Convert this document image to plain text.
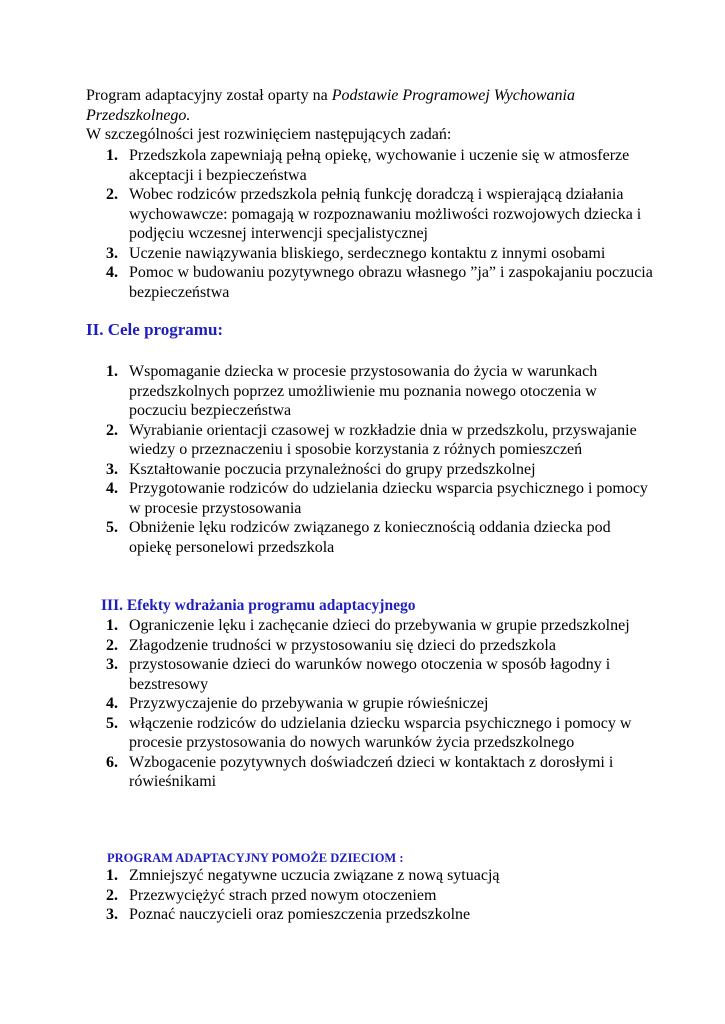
Program adaptacyjny został oparty na Podstawie Programowej Wychowania Przedszkolnego.

W szczególności jest rozwinięciem następujących zadań:

1. Przedszkola zapewniają pełną opiekę, wychowanie i uczenie się w atmosferze akceptacji i bezpieczeństwa
2. Wobec rodziców przedszkola pełnią funkcję doradczą i wspierającą działania wychowawcze: pomagają w rozpoznawaniu możliwości rozwojowych dziecka i podjęciu wczesnej interwencji specjalistycznej
3. Uczenie nawiązywania bliskiego, serdecznego kontaktu z innymi osobami
4. Pomoc w budowaniu pozytywnego obrazu własnego ”ja” i zaspokajaniu poczucia bezpieczeństwa
II. Cele programu:
1. Wspomaganie dziecka w procesie przystosowania do życia w warunkach przedszkolnych poprzez umożliwienie mu poznania nowego otoczenia w poczuciu bezpieczeństwa
2. Wyrabianie orientacji czasowej w rozkładzie dnia w przedszkolu, przyswajanie wiedzy o przeznaczeniu i sposobie korzystania z różnych pomieszczeń
3. Kształtowanie poczucia przynależności do grupy przedszkolnej
4. Przygotowanie rodziców do udzielania dziecku wsparcia psychicznego i pomocy w procesie przystosowania
5. Obniżenie lęku rodziców związanego z koniecznością oddania dziecka pod opiekę personelowi przedszkola
III. Efekty wdrażania programu adaptacyjnego
1. Ograniczenie lęku i zachęcanie dzieci do przebywania w grupie przedszkolnej
2. Złagodzenie trudności w przystosowaniu się dzieci do przedszkola
3. przystosowanie dzieci do warunków nowego otoczenia w sposób łagodny i bezstresowy
4. Przyzwyczajenie do przebywania w grupie rówieśniczej
5. włączenie rodziców do udzielania dziecku wsparcia psychicznego i pomocy w procesie przystosowania do nowych warunków życia przedszkolnego
6. Wzbogacenie pozytywnych doświadczeń dzieci w kontaktach z dorosłymi i rówieśnikami
PROGRAM ADAPTACYJNY POMOŻE DZIECIOM :
1. Zmniejszyć negatywne uczucia związane z nową sytuacją
2. Przezwyciężyć strach przed nowym otoczeniem
3. Poznać nauczycieli oraz pomieszczenia przedszkolne
